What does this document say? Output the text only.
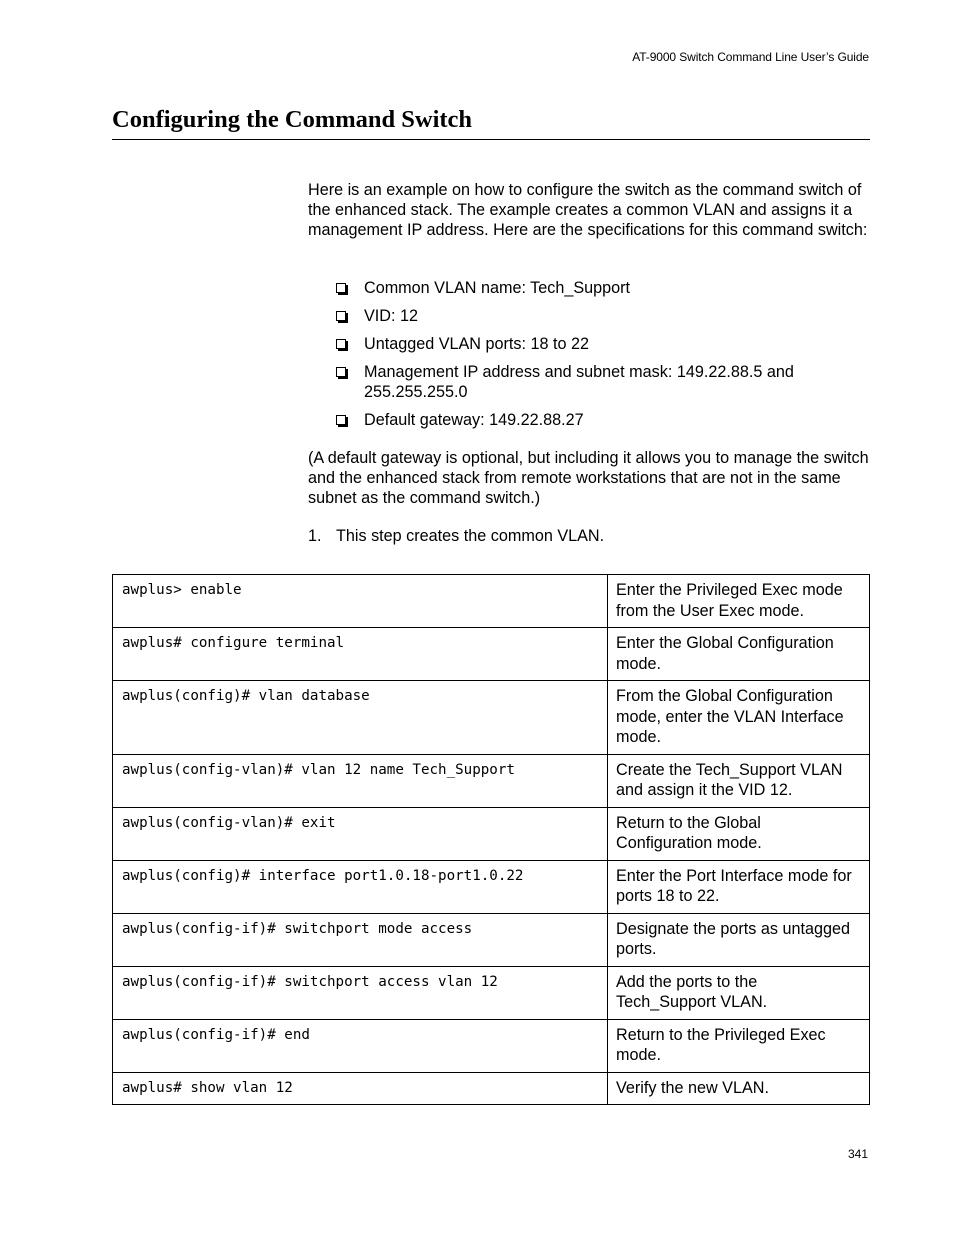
AT-9000 Switch Command Line User’s Guide
Configuring the Command Switch
Here is an example on how to configure the switch as the command switch of the enhanced stack. The example creates a common VLAN and assigns it a management IP address. Here are the specifications for this command switch:
Common VLAN name: Tech_Support
VID: 12
Untagged VLAN ports: 18 to 22
Management IP address and subnet mask: 149.22.88.5 and 255.255.255.0
Default gateway: 149.22.88.27
(A default gateway is optional, but including it allows you to manage the switch and the enhanced stack from remote workstations that are not in the same subnet as the command switch.)
1. This step creates the common VLAN.
awplus> enable	Enter the Privileged Exec mode from the User Exec mode.
awplus# configure terminal	Enter the Global Configuration mode.
awplus(config)# vlan database	From the Global Configuration mode, enter the VLAN Interface mode.
awplus(config-vlan)# vlan 12 name Tech_Support	Create the Tech_Support VLAN and assign it the VID 12.
awplus(config-vlan)# exit	Return to the Global Configuration mode.
awplus(config)# interface port1.0.18-port1.0.22	Enter the Port Interface mode for ports 18 to 22.
awplus(config-if)# switchport mode access	Designate the ports as untagged ports.
awplus(config-if)# switchport access vlan 12	Add the ports to the Tech_Support VLAN.
awplus(config-if)# end	Return to the Privileged Exec mode.
awplus# show vlan 12	Verify the new VLAN.
341
